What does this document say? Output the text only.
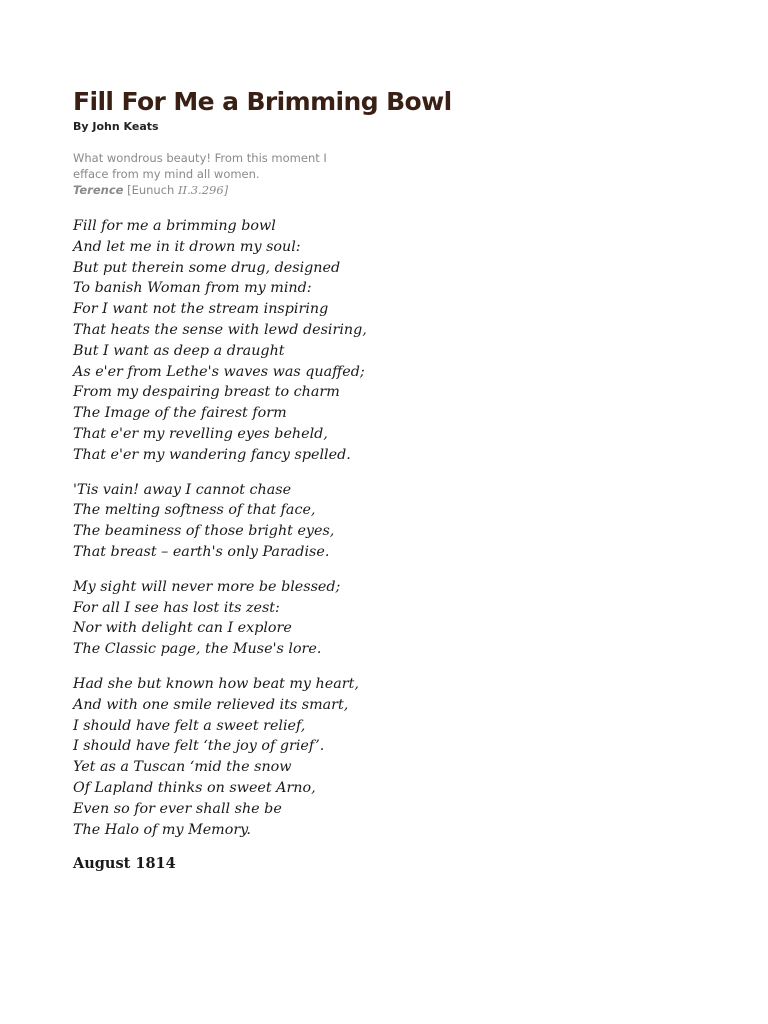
Fill For Me a Brimming Bowl
By John Keats
What wondrous beauty! From this moment I
efface from my mind all women.
Terence [Eunuch II.3.296]
Fill for me a brimming bowl
And let me in it drown my soul:
But put therein some drug, designed
To banish Woman from my mind:
For I want not the stream inspiring
That heats the sense with lewd desiring,
But I want as deep a draught
As e'er from Lethe's waves was quaffed;
From my despairing breast to charm
The Image of the fairest form
That e'er my revelling eyes beheld,
That e'er my wandering fancy spelled.
'Tis vain! away I cannot chase
The melting softness of that face,
The beaminess of those bright eyes,
That breast – earth's only Paradise.
My sight will never more be blessed;
For all I see has lost its zest:
Nor with delight can I explore
The Classic page, the Muse's lore.
Had she but known how beat my heart,
And with one smile relieved its smart,
I should have felt a sweet relief,
I should have felt ‘the joy of grief’.
Yet as a Tuscan ‘mid the snow
Of Lapland thinks on sweet Arno,
Even so for ever shall she be
The Halo of my Memory.
August 1814
